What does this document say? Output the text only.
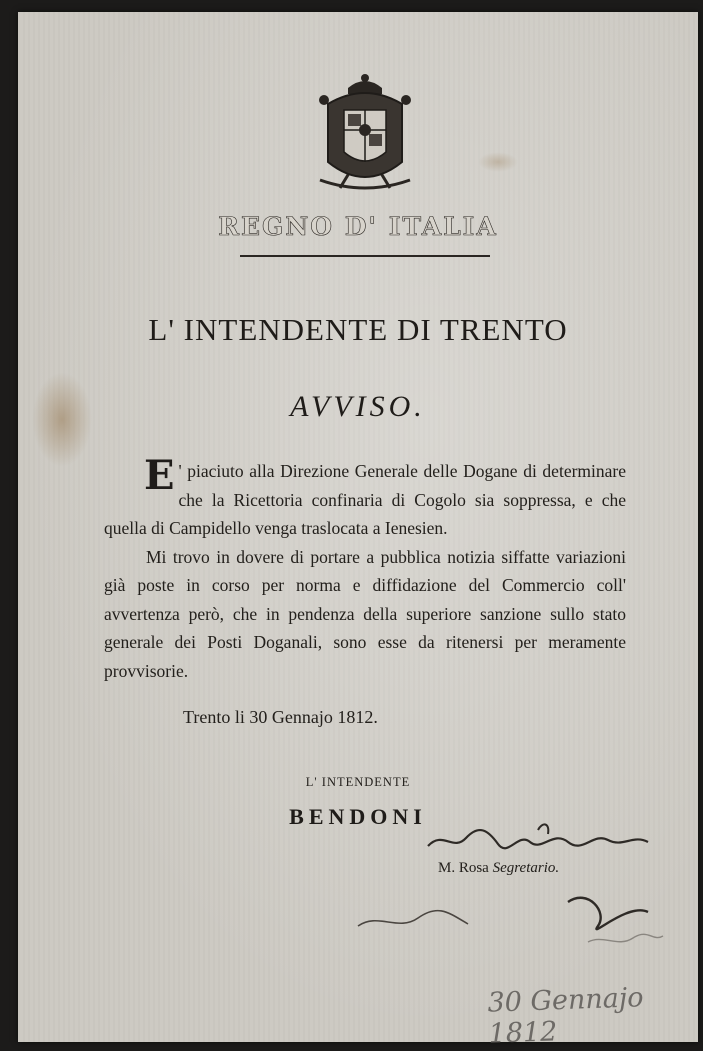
REGNO D' ITALIA
L' INTENDENTE DI TRENTO
AVVISO.

E ' piaciuto alla Direzione Generale delle Dogane di determinare che la Ricettoria confinaria di Cogolo sia soppressa, e che quella di Campidello venga traslocata a Ienesien.

Mi trovo in dovere di portare a pubblica notizia siffatte variazioni già poste in corso per norma e diffidazione del Commercio coll' avvertenza però, che in pendenza della superiore sanzione sullo stato generale dei Posti Doganali, sono esse da ritenersi per meramente provvisorie.

Trento li 30 Gennajo 1812.
L' INTENDENTE
BENDONI
M. Rosa Segretario.
30 Gennajo 1812
